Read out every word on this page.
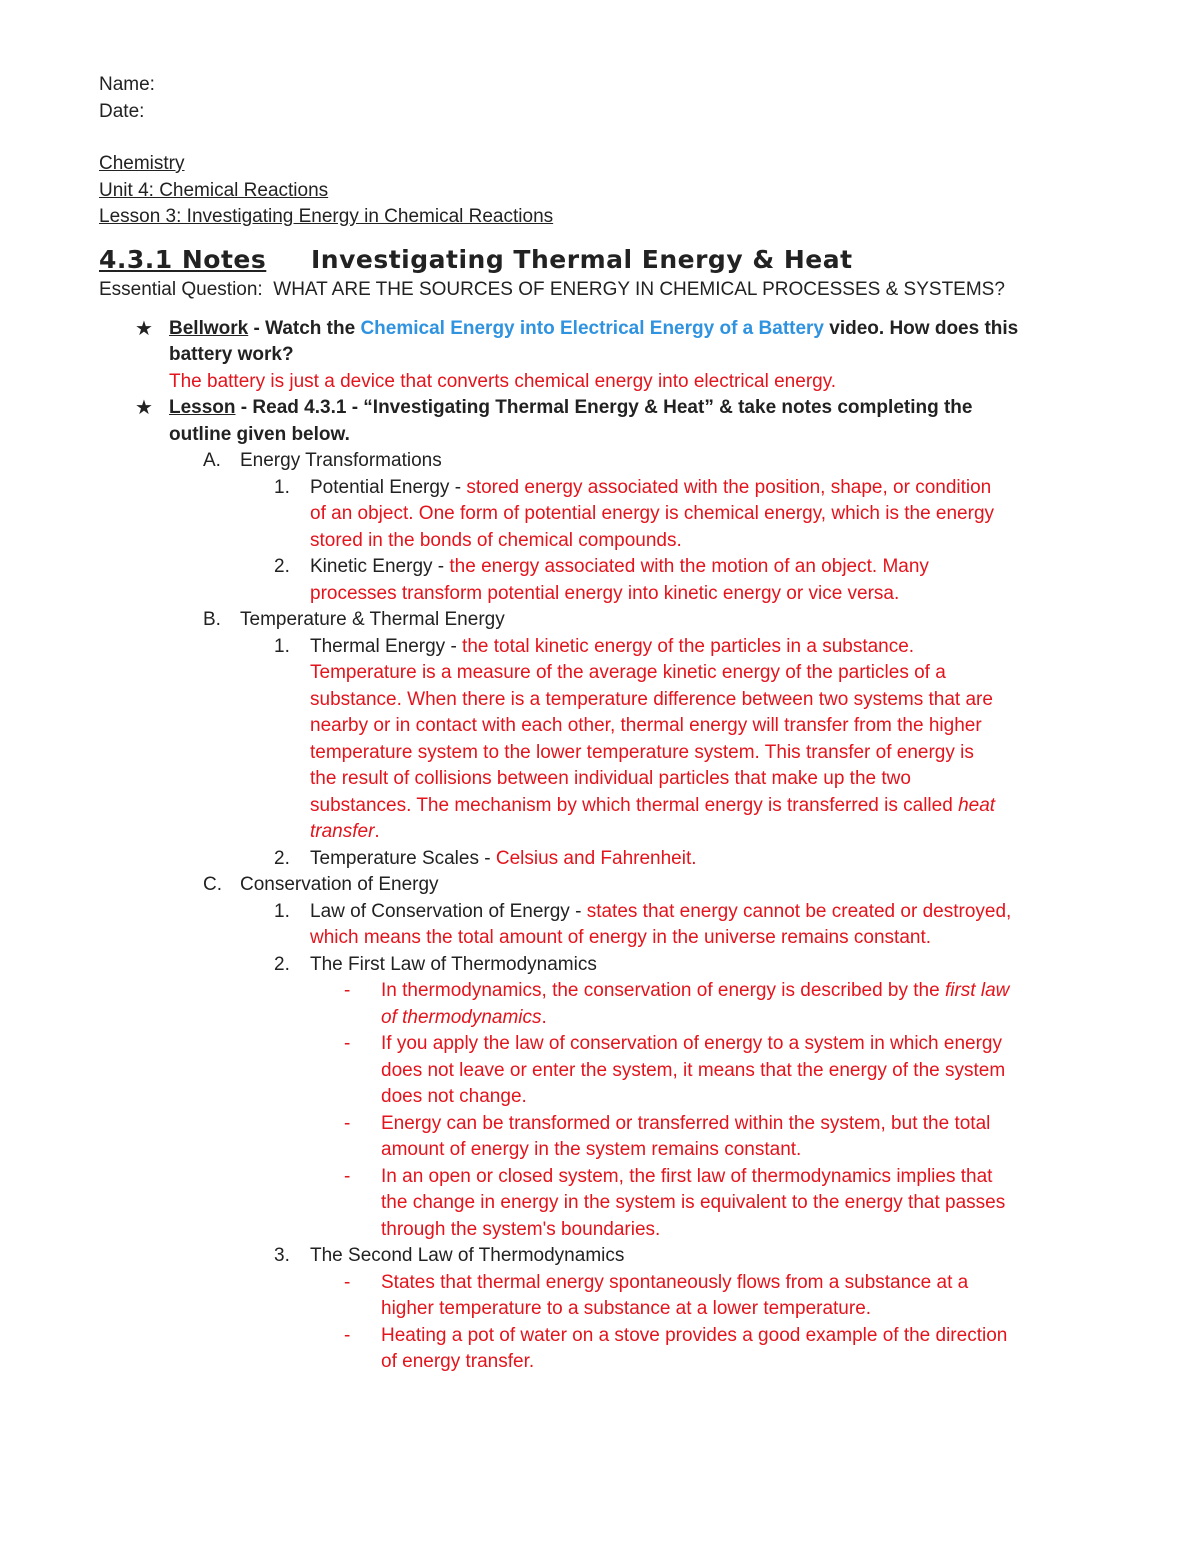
Name:
Date:
Chemistry
Unit 4: Chemical Reactions
Lesson 3: Investigating Energy in Chemical Reactions
4.3.1 Notes Investigating Thermal Energy & Heat
Essential Question: WHAT ARE THE SOURCES OF ENERGY IN CHEMICAL PROCESSES & SYSTEMS?
★ Bellwork - Watch the Chemical Energy into Electrical Energy of a Battery video. How does this
battery work?
The battery is just a device that converts chemical energy into electrical energy.
★ Lesson - Read 4.3.1 - “Investigating Thermal Energy & Heat” & take notes completing the
outline given below.
A. Energy Transformations
1. Potential Energy - stored energy associated with the position, shape, or condition
of an object. One form of potential energy is chemical energy, which is the energy
stored in the bonds of chemical compounds.
2. Kinetic Energy - the energy associated with the motion of an object. Many
processes transform potential energy into kinetic energy or vice versa.
B. Temperature & Thermal Energy
1. Thermal Energy - the total kinetic energy of the particles in a substance.
Temperature is a measure of the average kinetic energy of the particles of a
substance. When there is a temperature difference between two systems that are
nearby or in contact with each other, thermal energy will transfer from the higher
temperature system to the lower temperature system. This transfer of energy is
the result of collisions between individual particles that make up the two
substances. The mechanism by which thermal energy is transferred is called heat
transfer.
2. Temperature Scales - Celsius and Fahrenheit.
C. Conservation of Energy
1. Law of Conservation of Energy - states that energy cannot be created or destroyed,
which means the total amount of energy in the universe remains constant.
2. The First Law of Thermodynamics
- In thermodynamics, the conservation of energy is described by the first law
of thermodynamics.
- If you apply the law of conservation of energy to a system in which energy
does not leave or enter the system, it means that the energy of the system
does not change.
- Energy can be transformed or transferred within the system, but the total
amount of energy in the system remains constant.
- In an open or closed system, the first law of thermodynamics implies that
the change in energy in the system is equivalent to the energy that passes
through the system's boundaries.
3. The Second Law of Thermodynamics
- States that thermal energy spontaneously flows from a substance at a
higher temperature to a substance at a lower temperature.
- Heating a pot of water on a stove provides a good example of the direction
of energy transfer.
